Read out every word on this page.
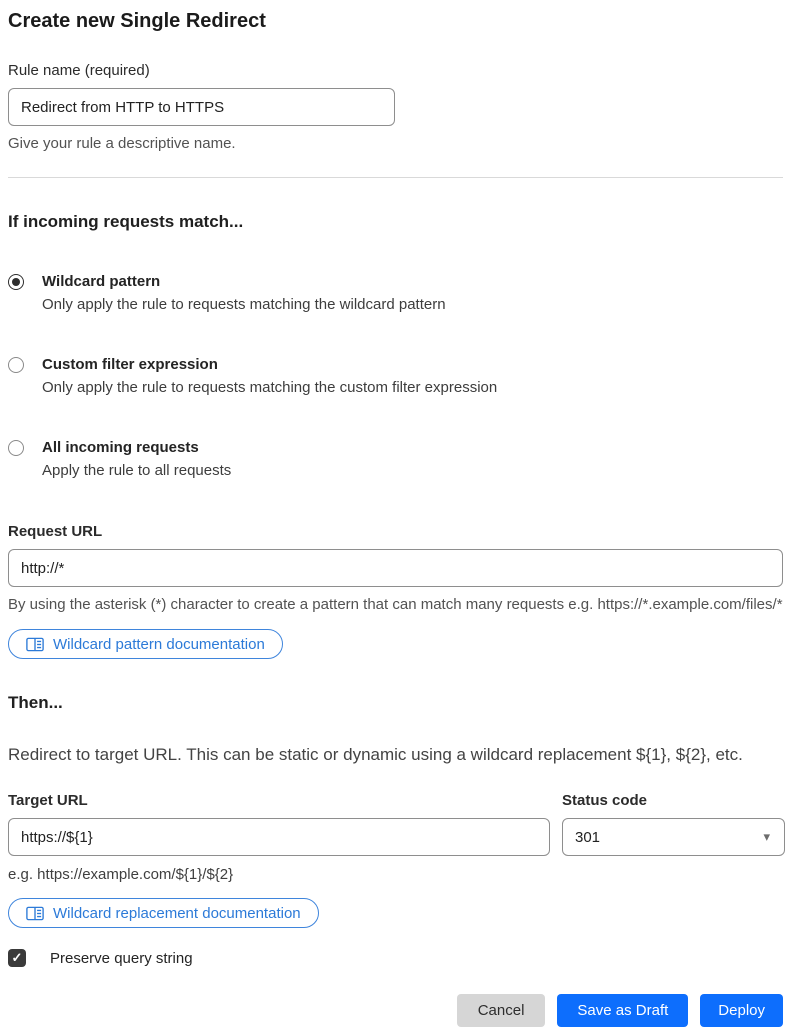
Create new Single Redirect
Rule name (required)
Redirect from HTTP to HTTPS
Give your rule a descriptive name.
If incoming requests match...
Wildcard pattern
Only apply the rule to requests matching the wildcard pattern
Custom filter expression
Only apply the rule to requests matching the custom filter expression
All incoming requests
Apply the rule to all requests
Request URL
http://*
By using the asterisk (*) character to create a pattern that can match many requests e.g. https://*.example.com/files/*
Wildcard pattern documentation
Then...

Redirect to target URL. This can be static or dynamic using a wildcard replacement ${1}, ${2}, etc.

Target URL
https://${1}
e.g. https://example.com/${1}/${2}
Status code
301	▾
Wildcard replacement documentation
✓ Preserve query string
Cancel	Save as Draft	Deploy
